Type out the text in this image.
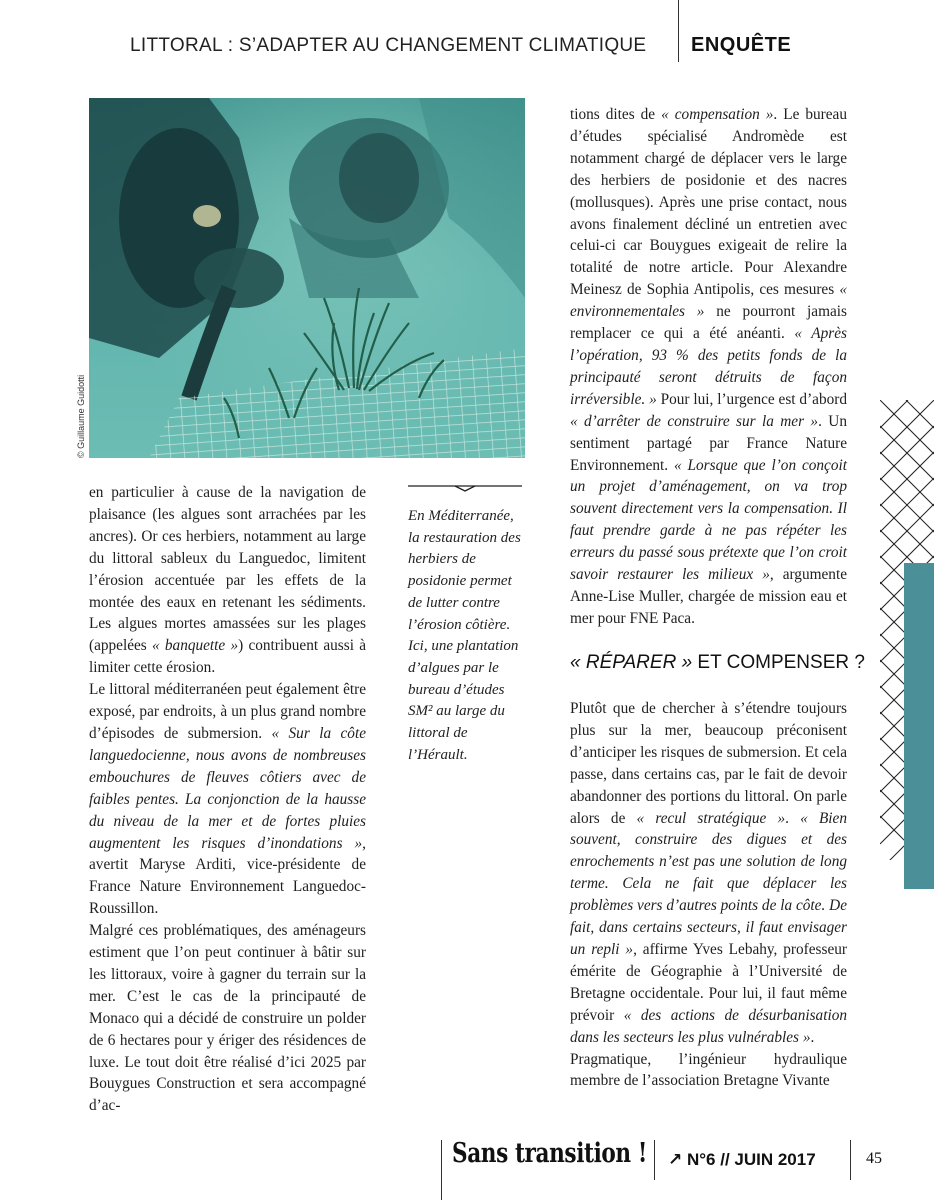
LITTORAL : S’ADAPTER AU CHANGEMENT CLIMATIQUE	ENQUÊTE
© Guillaume Guidotti

en particulier à cause de la navigation de plaisance (les algues sont arrachées par les ancres). Or ces herbiers, notamment au large du littoral sableux du Languedoc, limitent l’érosion accentuée par les effets de la montée des eaux en retenant les sédiments. Les algues mortes amassées sur les plages (appelées « banquette ») contribuent aussi à limiter cette érosion.

Le littoral méditerranéen peut également être exposé, par endroits, à un plus grand nombre d’épisodes de submersion. « Sur la côte languedocienne, nous avons de nombreuses embouchures de fleuves côtiers avec de faibles pentes. La conjonction de la hausse du niveau de la mer et de fortes pluies augmentent les risques d’inondations », avertit Maryse Arditi, vice-présidente de France Nature Environnement Languedoc-Roussillon.

Malgré ces problématiques, des aménageurs estiment que l’on peut continuer à bâtir sur les littoraux, voire à gagner du terrain sur la mer. C’est le cas de la principauté de Monaco qui a décidé de construire un polder de 6 hectares pour y ériger des résidences de luxe. Le tout doit être réalisé d’ici 2025 par Bouygues Construction et sera accompagné d’ac-

En Méditerranée, la restauration des herbiers de posidonie permet de lutter contre l’érosion côtière. Ici, une plantation d’algues par le bureau d’études SM² au large du littoral de l’Hérault.

tions dites de « compensation ». Le bureau d’études spécialisé Andromède est notamment chargé de déplacer vers le large des herbiers de posidonie et des nacres (mollusques). Après une prise contact, nous avons finalement décliné un entretien avec celui-ci car Bouygues exigeait de relire la totalité de notre article. Pour Alexandre Meinesz de Sophia Antipolis, ces mesures « environnementales » ne pourront jamais remplacer ce qui a été anéanti. « Après l’opération, 93 % des petits fonds de la principauté seront détruits de façon irréversible. » Pour lui, l’urgence est d’abord « d’arrêter de construire sur la mer ». Un sentiment partagé par France Nature Environnement. « Lorsque que l’on conçoit un projet d’aménagement, on va trop souvent directement vers la compensation. Il faut prendre garde à ne pas répéter les erreurs du passé sous prétexte que l’on croit savoir restaurer les milieux », argumente Anne-Lise Muller, chargée de mission eau et mer pour FNE Paca.

« RÉPARER » ET COMPENSER ?

Plutôt que de chercher à s’étendre toujours plus sur la mer, beaucoup préconisent d’anticiper les risques de submersion. Et cela passe, dans certains cas, par le fait de devoir abandonner des portions du littoral. On parle alors de « recul stratégique ». « Bien souvent, construire des digues et des enrochements n’est pas une solution de long terme. Cela ne fait que déplacer les problèmes vers d’autres points de la côte. De fait, dans certains secteurs, il faut envisager un repli », affirme Yves Lebahy, professeur émérite de Géographie à l’Université de Bretagne occidentale. Pour lui, il faut même prévoir « des actions de désurbanisation dans les secteurs les plus vulnérables ».

Pragmatique, l’ingénieur hydraulique membre de l’association Bretagne Vivante

Sans transition ! ↗ N°6 // JUIN 2017	45
